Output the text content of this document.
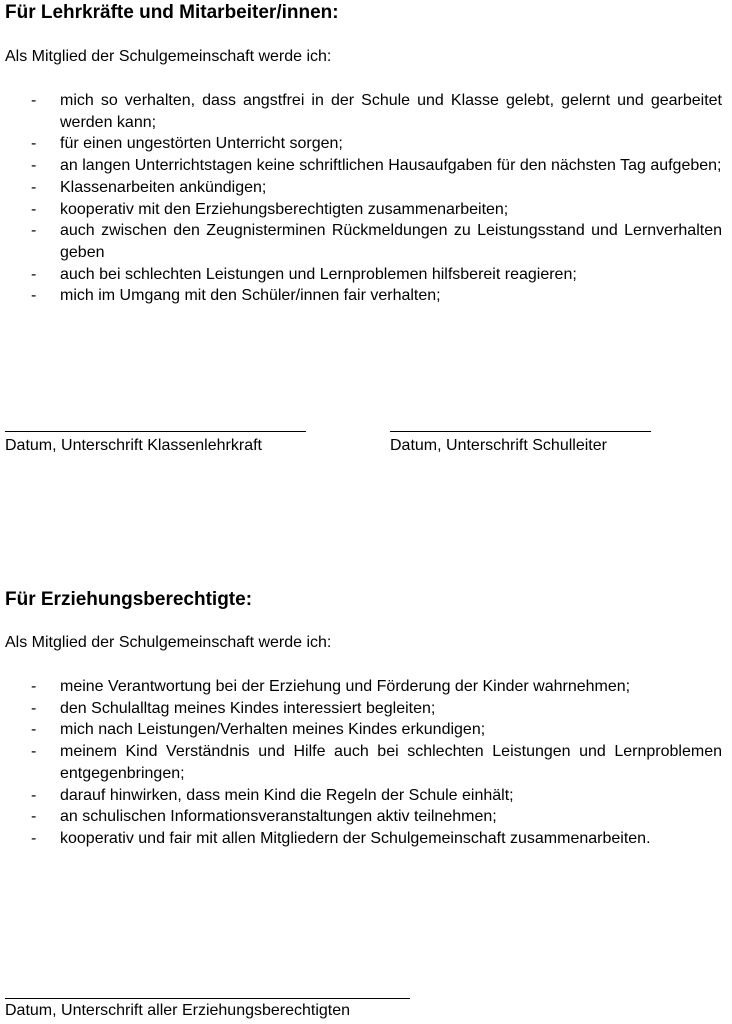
Für Lehrkräfte und Mitarbeiter/innen:

Als Mitglied der Schulgemeinschaft werde ich:

- mich so verhalten, dass angstfrei in der Schule und Klasse gelebt, gelernt und gearbeitet werden kann;
- für einen ungestörten Unterricht sorgen;
- an langen Unterrichtstagen keine schriftlichen Hausaufgaben für den nächsten Tag aufgeben;
- Klassenarbeiten ankündigen;
- kooperativ mit den Erziehungsberechtigten zusammenarbeiten;
- auch zwischen den Zeugnisterminen Rückmeldungen zu Leistungsstand und Lernverhalten geben
- auch bei schlechten Leistungen und Lernproblemen hilfsbereit reagieren;
- mich im Umgang mit den Schüler/innen fair verhalten;

Datum, Unterschrift Klassenlehrkraft	Datum, Unterschrift Schulleiter

Für Erziehungsberechtigte:

Als Mitglied der Schulgemeinschaft werde ich:

- meine Verantwortung bei der Erziehung und Förderung der Kinder wahrnehmen;
- den Schulalltag meines Kindes interessiert begleiten;
- mich nach Leistungen/Verhalten meines Kindes erkundigen;
- meinem Kind Verständnis und Hilfe auch bei schlechten Leistungen und Lernproblemen entgegenbringen;
- darauf hinwirken, dass mein Kind die Regeln der Schule einhält;
- an schulischen Informationsveranstaltungen aktiv teilnehmen;
- kooperativ und fair mit allen Mitgliedern der Schulgemeinschaft zusammenarbeiten.

Datum, Unterschrift aller Erziehungsberechtigten
